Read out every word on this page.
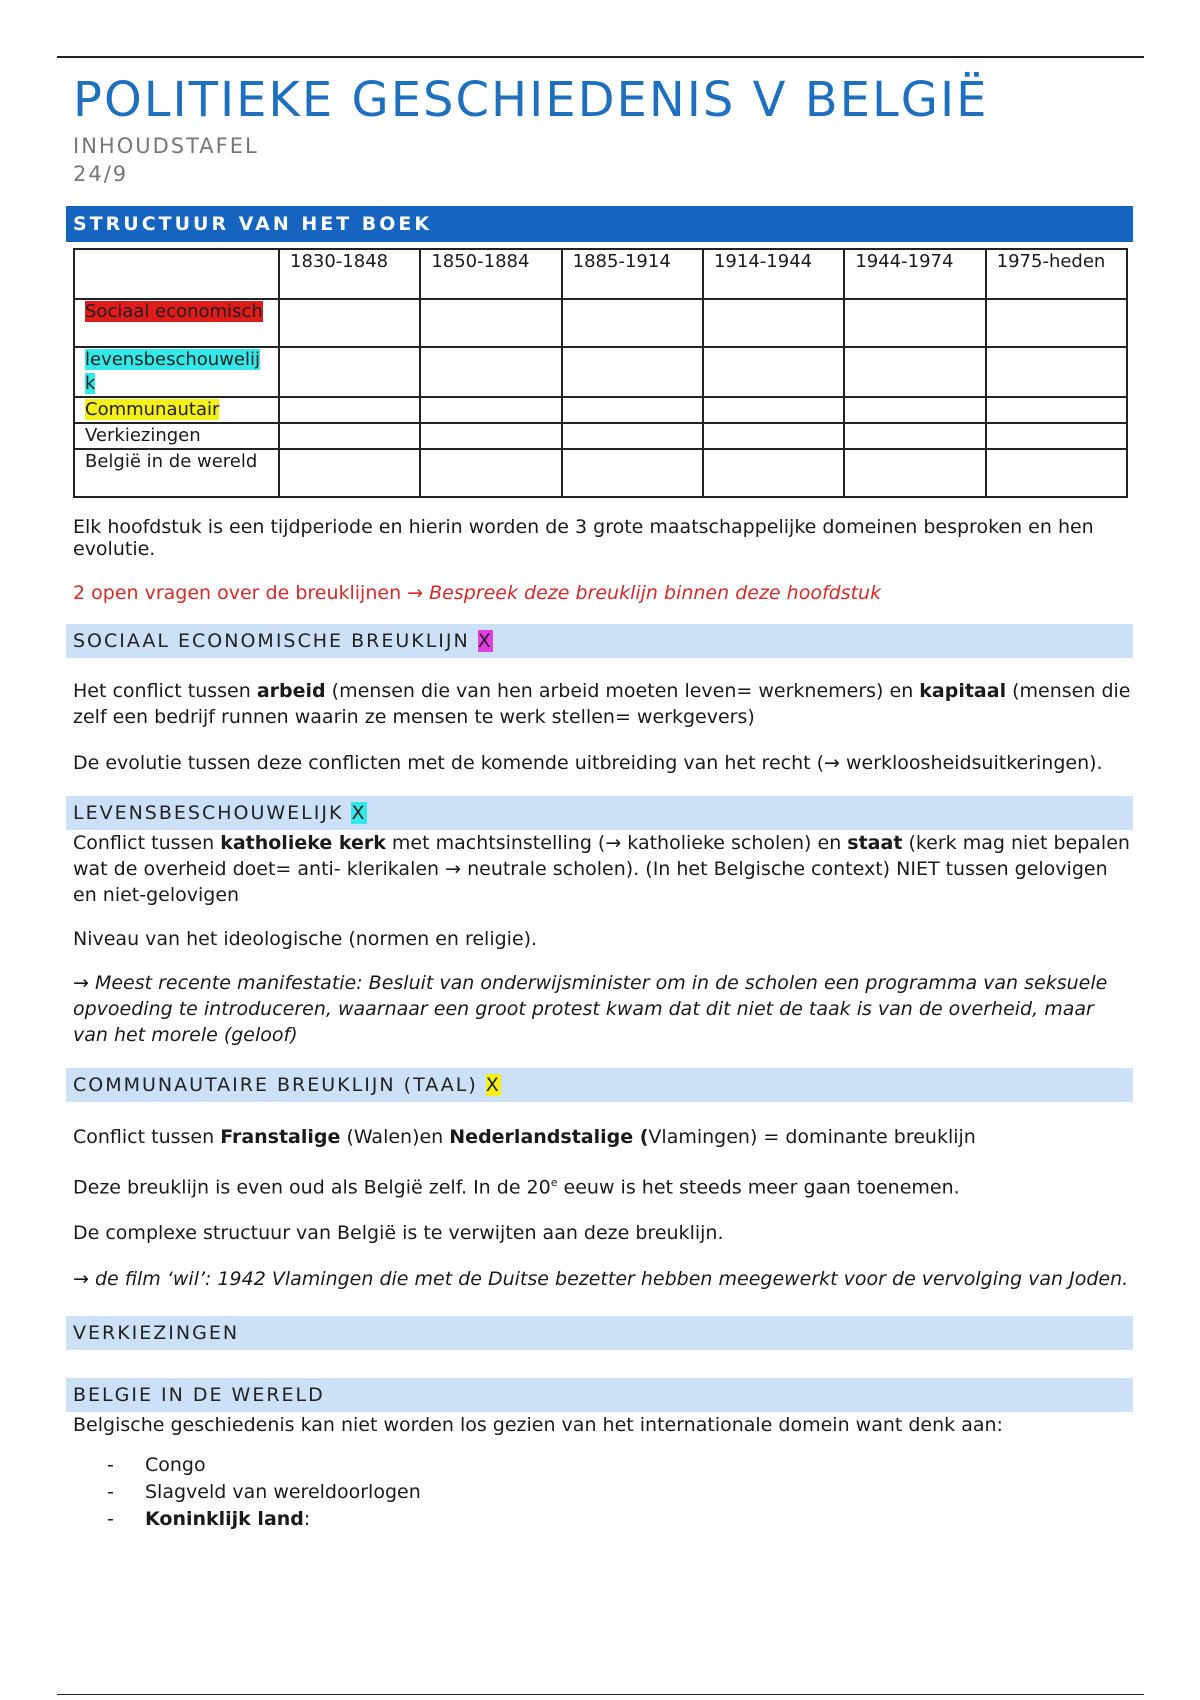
POLITIEKE GESCHIEDENIS V BELGIË
INHOUDSTAFEL
24/9
STRUCTUUR VAN HET BOEK
	1830-1848	1850-1884	1885-1914	1914-1944	1944-1974	1975-heden
Sociaal economisch						
levensbeschouwelijk						
Communautair						
Verkiezingen						
België in de wereld						

Elk hoofdstuk is een tijdperiode en hierin worden de 3 grote maatschappelijke domeinen besproken en hen evolutie.

2 open vragen over de breuklijnen → Bespreek deze breuklijn binnen deze hoofdstuk

SOCIAAL ECONOMISCHE BREUKLIJN X

Het conflict tussen arbeid (mensen die van hen arbeid moeten leven= werknemers) en kapitaal (mensen die zelf een bedrijf runnen waarin ze mensen te werk stellen= werkgevers)

De evolutie tussen deze conflicten met de komende uitbreiding van het recht (→ werkloosheidsuitkeringen).

LEVENSBESCHOUWELIJK X

Conflict tussen katholieke kerk met machtsinstelling (→ katholieke scholen) en staat (kerk mag niet bepalen wat de overheid doet= anti- klerikalen → neutrale scholen). (In het Belgische context) NIET tussen gelovigen en niet-gelovigen

Niveau van het ideologische (normen en religie).

→ Meest recente manifestatie: Besluit van onderwijsminister om in de scholen een programma van seksuele opvoeding te introduceren, waarnaar een groot protest kwam dat dit niet de taak is van de overheid, maar van het morele (geloof)

COMMUNAUTAIRE BREUKLIJN (TAAL) X

Conflict tussen Franstalige (Walen)en Nederlandstalige (Vlamingen) = dominante breuklijn

Deze breuklijn is even oud als België zelf. In de 20e eeuw is het steeds meer gaan toenemen.

De complexe structuur van België is te verwijten aan deze breuklijn.

→ de film ‘wil’: 1942 Vlamingen die met de Duitse bezetter hebben meegewerkt voor de vervolging van Joden.

VERKIEZINGEN
BELGIE IN DE WERELD

Belgische geschiedenis kan niet worden los gezien van het internationale domein want denk aan:

- Congo
- Slagveld van wereldoorlogen
- Koninklijk land:
